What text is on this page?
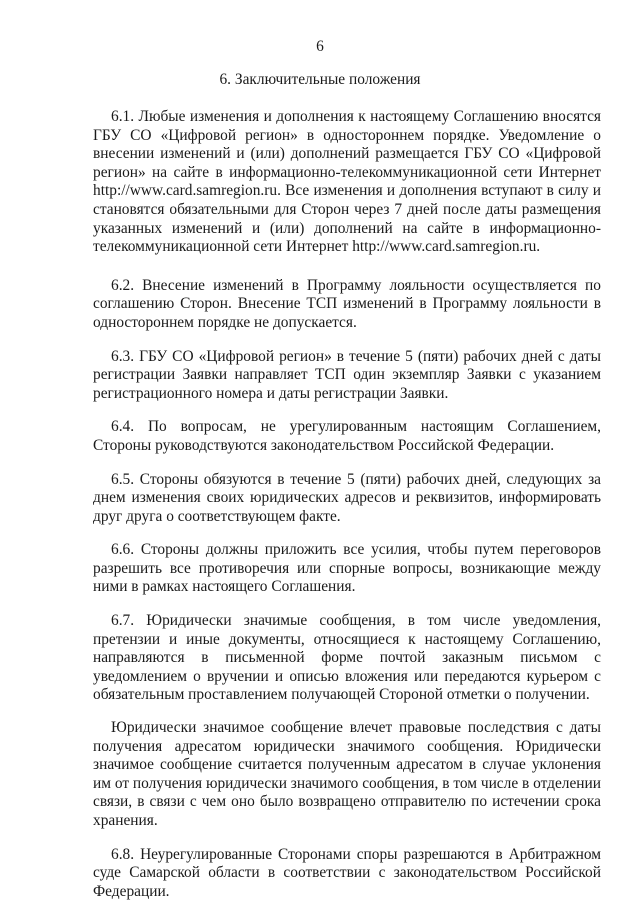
6
6. Заключительные положения

6.1. Любые изменения и дополнения к настоящему Соглашению вносятся ГБУ СО «Цифровой регион» в одностороннем порядке. Уведомление о внесении изменений и (или) дополнений размещается ГБУ СО «Цифровой регион» на сайте в информационно-телекоммуникационной сети Интернет http://www.card.samregion.ru. Все изменения и дополнения вступают в силу и становятся обязательными для Сторон через 7 дней после даты размещения указанных изменений и (или) дополнений на сайте в информационно-телекоммуникационной сети Интернет http://www.card.samregion.ru.

6.2. Внесение изменений в Программу лояльности осуществляется по соглашению Сторон. Внесение ТСП изменений в Программу лояльности в одностороннем порядке не допускается.

6.3. ГБУ СО «Цифровой регион» в течение 5 (пяти) рабочих дней с даты регистрации Заявки направляет ТСП один экземпляр Заявки с указанием регистрационного номера и даты регистрации Заявки.

6.4. По вопросам, не урегулированным настоящим Соглашением, Стороны руководствуются законодательством Российской Федерации.

6.5. Стороны обязуются в течение 5 (пяти) рабочих дней, следующих за днем изменения своих юридических адресов и реквизитов, информировать друг друга о соответствующем факте.

6.6. Стороны должны приложить все усилия, чтобы путем переговоров разрешить все противоречия или спорные вопросы, возникающие между ними в рамках настоящего Соглашения.

6.7. Юридически значимые сообщения, в том числе уведомления, претензии и иные документы, относящиеся к настоящему Соглашению, направляются в письменной форме почтой заказным письмом с уведомлением о вручении и описью вложения или передаются курьером с обязательным проставлением получающей Стороной отметки о получении.

Юридически значимое сообщение влечет правовые последствия с даты получения адресатом юридически значимого сообщения. Юридически значимое сообщение считается полученным адресатом в случае уклонения им от получения юридически значимого сообщения, в том числе в отделении связи, в связи с чем оно было возвращено отправителю по истечении срока хранения.

6.8. Неурегулированные Сторонами споры разрешаются в Арбитражном суде Самарской области в соответствии с законодательством Российской Федерации.
